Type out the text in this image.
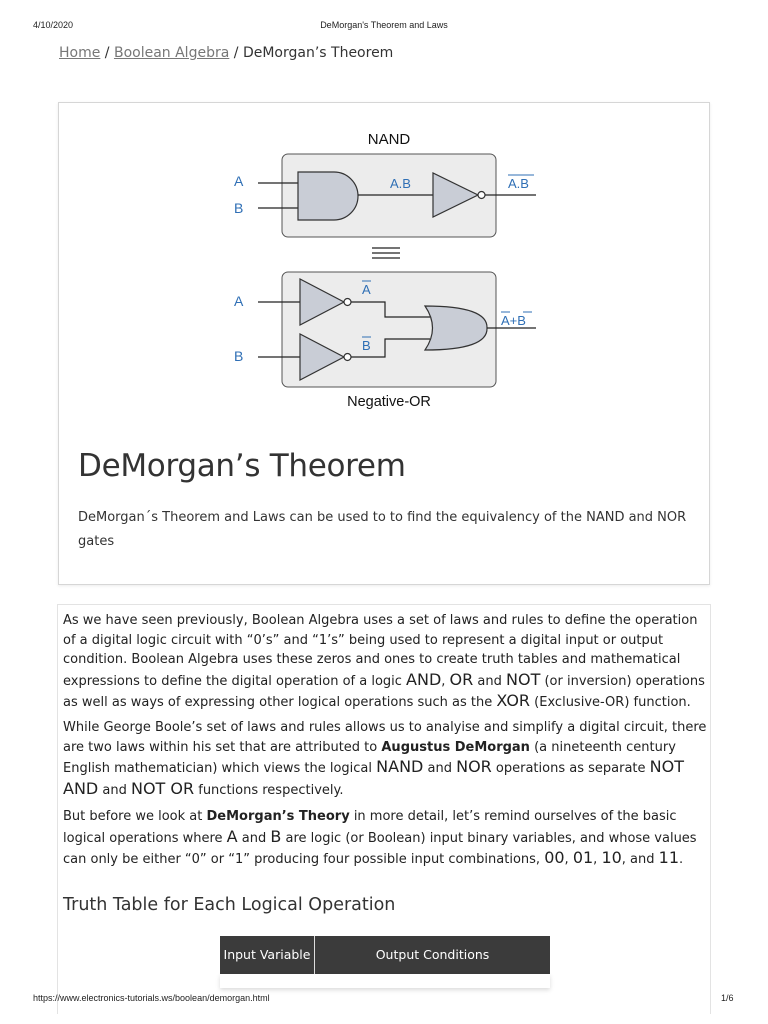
4/10/2020	DeMorgan's Theorem and Laws
Home / Boolean Algebra / DeMorgan’s Theorem
NAND
A
B
A.B	A.B
≡
A
B
A
B
A+B
Negative-OR
DeMorgan’s Theorem

DeMorgan´s Theorem and Laws can be used to to find the equivalency of the NAND and NOR gates

As we have seen previously, Boolean Algebra uses a set of laws and rules to define the operation of a digital logic circuit with “0’s” and “1’s” being used to represent a digital input or output condition. Boolean Algebra uses these zeros and ones to create truth tables and mathematical expressions to define the digital operation of a logic AND, OR and NOT (or inversion) operations as well as ways of expressing other logical operations such as the XOR (Exclusive-OR) function.

While George Boole’s set of laws and rules allows us to analyise and simplify a digital circuit, there are two laws within his set that are attributed to Augustus DeMorgan (a nineteenth century English mathematician) which views the logical NAND and NOR operations as separate NOT AND and NOT OR functions respectively.

But before we look at DeMorgan’s Theory in more detail, let’s remind ourselves of the basic logical operations where A and B are logic (or Boolean) input binary variables, and whose values can only be either “0” or “1” producing four possible input combinations, 00, 01, 10, and 11.

Truth Table for Each Logical Operation
Input Variable	Output Conditions
https://www.electronics-tutorials.ws/boolean/demorgan.html	1/6
